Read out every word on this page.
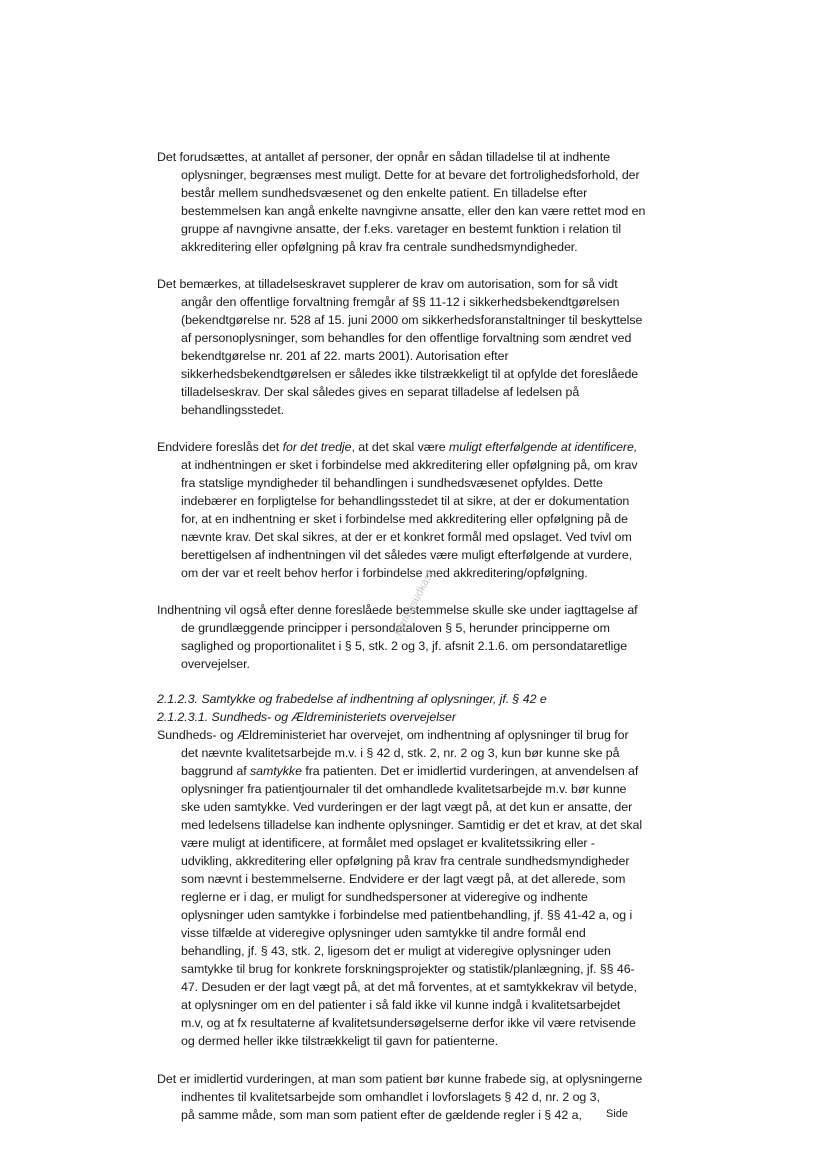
Det forudsættes, at antallet af personer, der opnår en sådan tilladelse til at indhente
oplysninger, begrænses mest muligt. Dette for at bevare det fortrolighedsforhold, der
består mellem sundhedsvæsenet og den enkelte patient. En tilladelse efter
bestemmelsen kan angå enkelte navngivne ansatte, eller den kan være rettet mod en
gruppe af navngivne ansatte, der f.eks. varetager en bestemt funktion i relation til
akkreditering eller opfølgning på krav fra centrale sundhedsmyndigheder.
Det bemærkes, at tilladelseskravet supplerer de krav om autorisation, som for så vidt
angår den offentlige forvaltning fremgår af §§ 11-12 i sikkerhedsbekendtgørelsen
(bekendtgørelse nr. 528 af 15. juni 2000 om sikkerhedsforanstaltninger til beskyttelse
af personoplysninger, som behandles for den offentlige forvaltning som ændret ved
bekendtgørelse nr. 201 af 22. marts 2001). Autorisation efter
sikkerhedsbekendtgørelsen er således ikke tilstrækkeligt til at opfylde det foreslåede
tilladelseskrav. Der skal således gives en separat tilladelse af ledelsen på
behandlingsstedet.
Endvidere foreslås det for det tredje, at det skal være muligt efterfølgende at identificere,
at indhentningen er sket i forbindelse med akkreditering eller opfølgning på, om krav
fra statslige myndigheder til behandlingen i sundhedsvæsenet opfyldes. Dette
indebærer en forpligtelse for behandlingsstedet til at sikre, at der er dokumentation
for, at en indhentning er sket i forbindelse med akkreditering eller opfølgning på de
nævnte krav. Det skal sikres, at der er et konkret formål med opslaget. Ved tvivl om
berettigelsen af indhentningen vil det således være muligt efterfølgende at vurdere,
om der var et reelt behov herfor i forbindelse med akkreditering/opfølgning.
Indhentning vil også efter denne foreslåede bestemmelse skulle ske under iagttagelse af
de grundlæggende principper i persondataloven § 5, herunder principperne om
saglighed og proportionalitet i § 5, stk. 2 og 3, jf. afsnit 2.1.6. om persondataretlige
overvejelser.
2.1.2.3. Samtykke og frabedelse af indhentning af oplysninger, jf. § 42 e
2.1.2.3.1. Sundheds- og Ældreministeriets overvejelser
Sundheds- og Ældreministeriet har overvejet, om indhentning af oplysninger til brug for
det nævnte kvalitetsarbejde m.v. i § 42 d, stk. 2, nr. 2 og 3, kun bør kunne ske på
baggrund af samtykke fra patienten. Det er imidlertid vurderingen, at anvendelsen af
oplysninger fra patientjournaler til det omhandlede kvalitetsarbejde m.v. bør kunne
ske uden samtykke. Ved vurderingen er der lagt vægt på, at det kun er ansatte, der
med ledelsens tilladelse kan indhente oplysninger. Samtidig er det et krav, at det skal
være muligt at identificere, at formålet med opslaget er kvalitetssikring eller -
udvikling, akkreditering eller opfølgning på krav fra centrale sundhedsmyndigheder
som nævnt i bestemmelserne. Endvidere er der lagt vægt på, at det allerede, som
reglerne er i dag, er muligt for sundhedspersoner at videregive og indhente
oplysninger uden samtykke i forbindelse med patientbehandling, jf. §§ 41-42 a, og i
visse tilfælde at videregive oplysninger uden samtykke til andre formål end
behandling, jf. § 43, stk. 2, ligesom det er muligt at videregive oplysninger uden
samtykke til brug for konkrete forskningsprojekter og statistik/planlægning, jf. §§ 46-
47. Desuden er der lagt vægt på, at det må forventes, at et samtykkekrav vil betyde,
at oplysninger om en del patienter i så fald ikke vil kunne indgå i kvalitetsarbejdet
m.v, og at fx resultaterne af kvalitetsundersøgelserne derfor ikke vil være retvisende
og dermed heller ikke tilstrækkeligt til gavn for patienterne.
Det er imidlertid vurderingen, at man som patient bør kunne frabede sig, at oplysningerne
indhentes til kvalitetsarbejde som omhandlet i lovforslagets § 42 d, nr. 2 og 3,
på samme måde, som man som patient efter de gældende regler i § 42 a,
Høringsudkast
Side
